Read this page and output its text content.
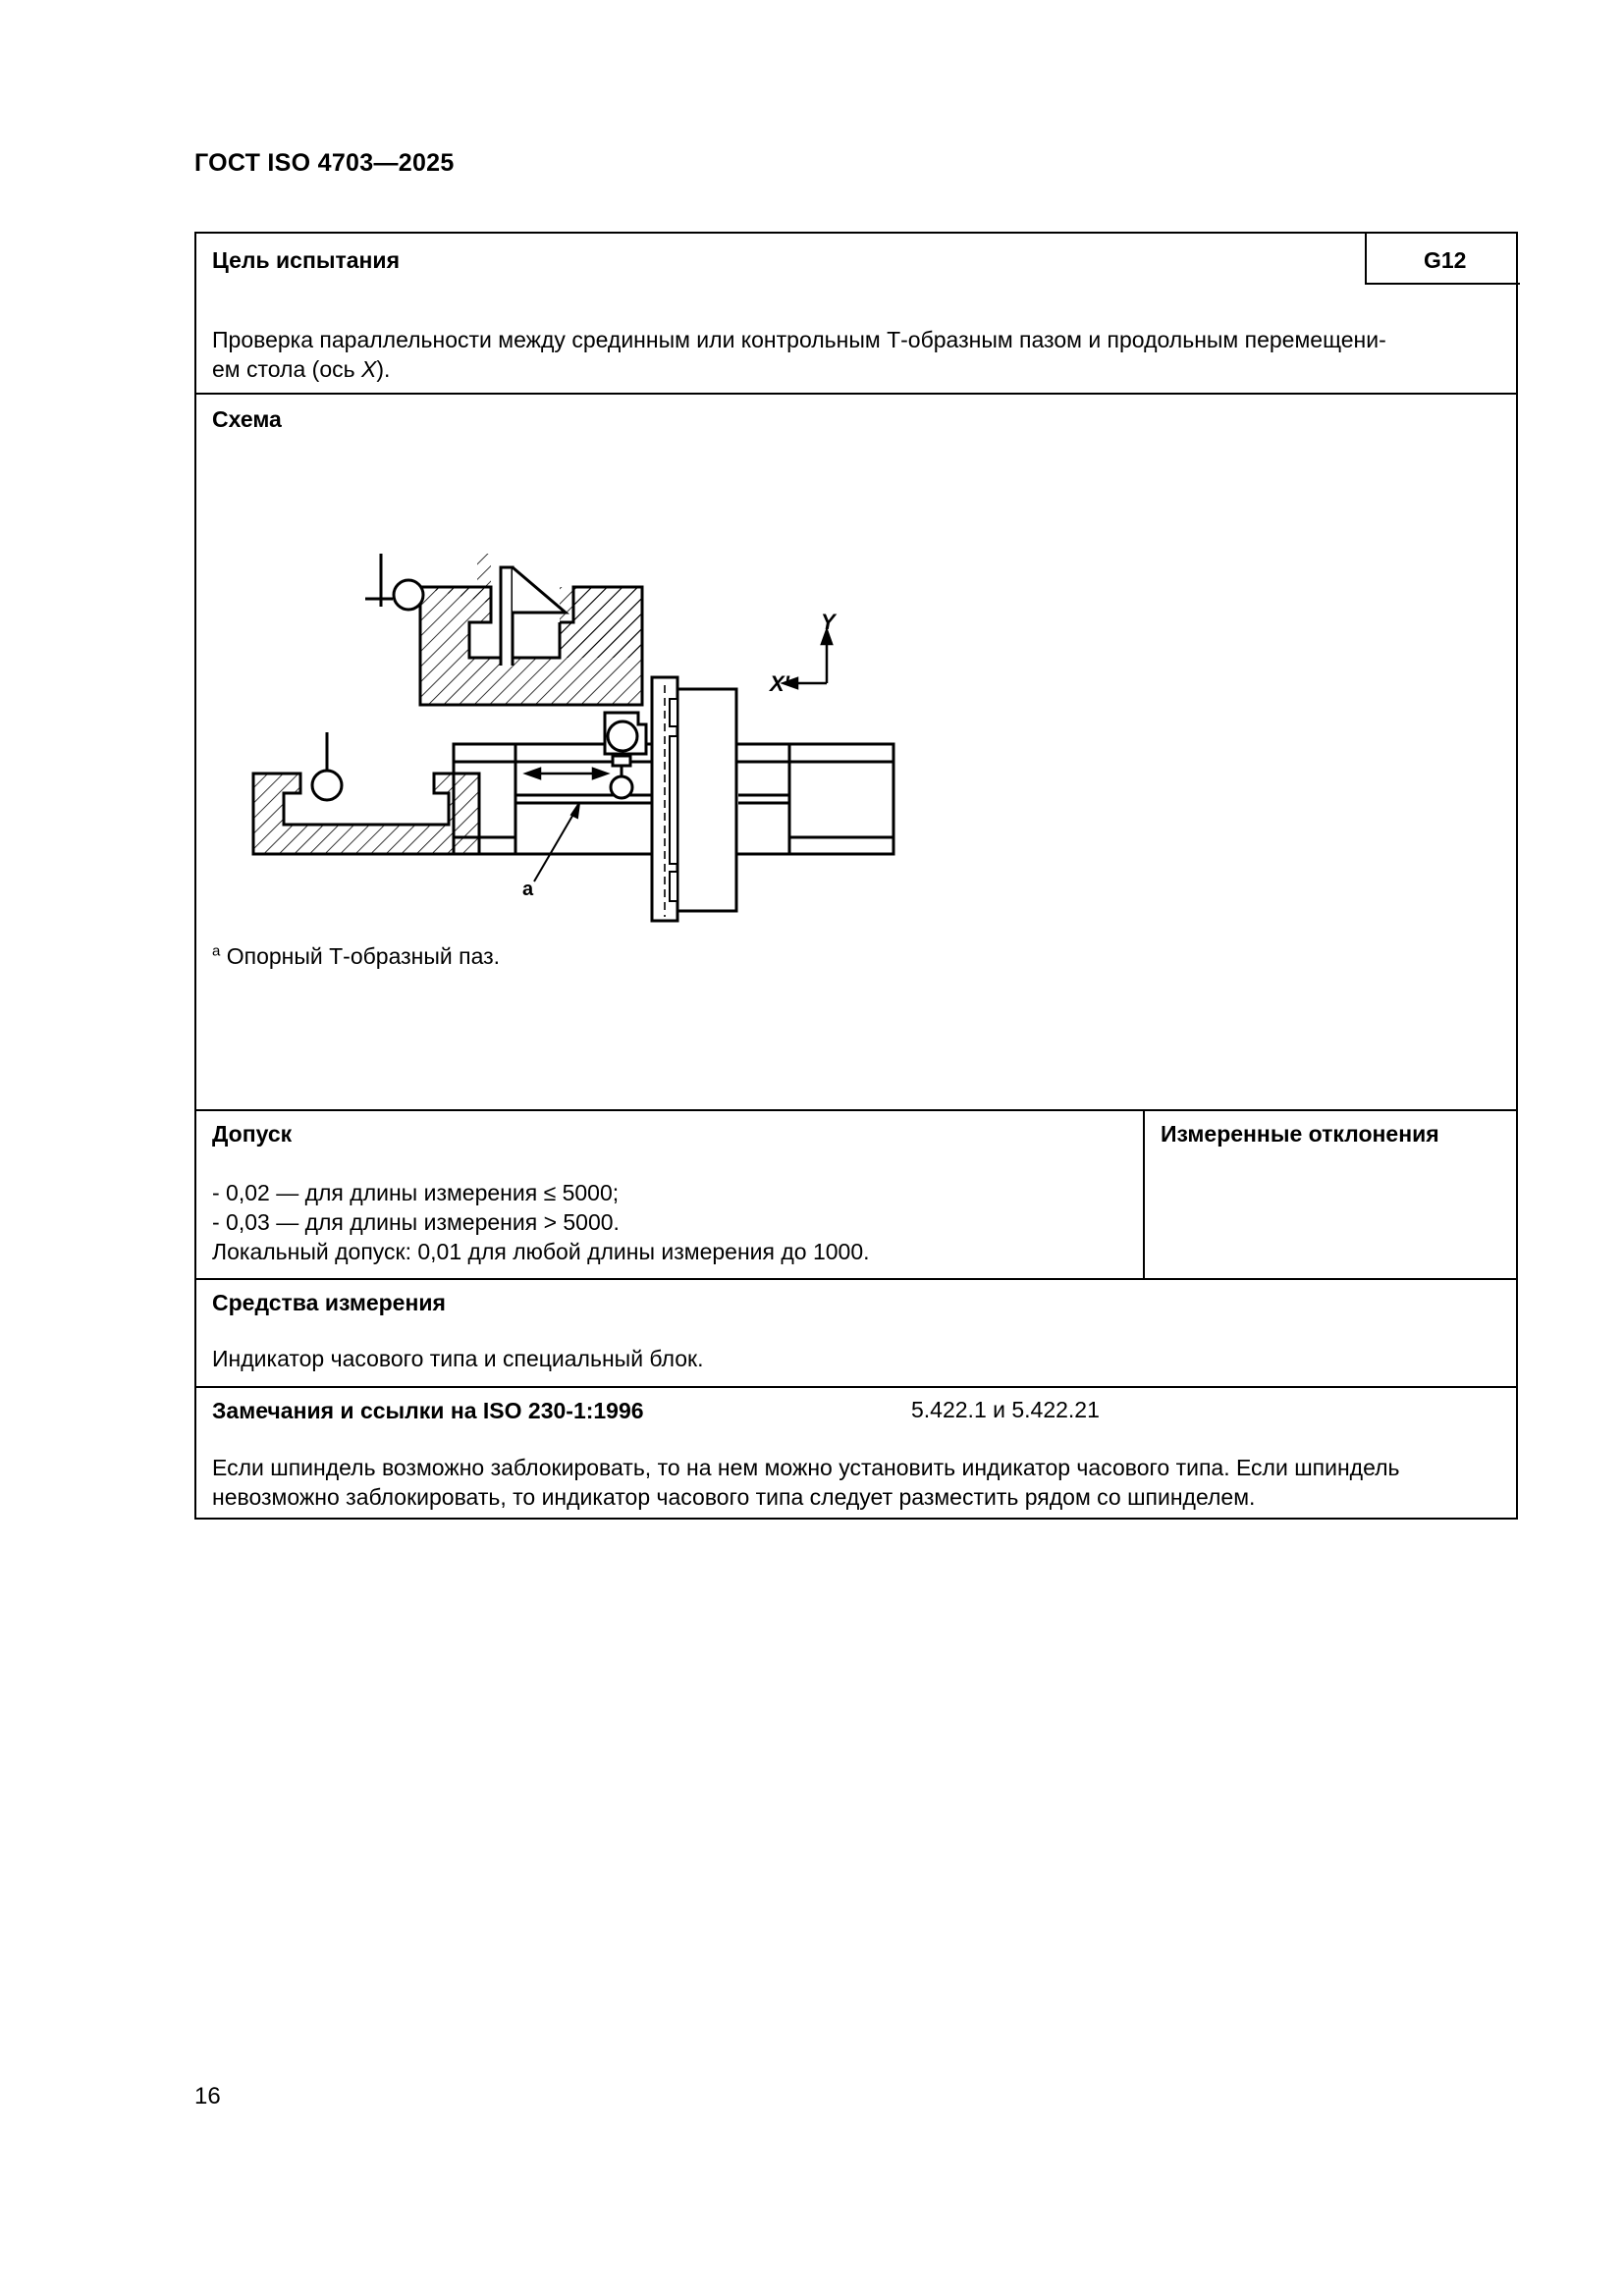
ГОСТ ISO 4703—2025
Цель испытания	G12

Проверка параллельности между срединным или контрольным Т-образным пазом и продольным перемещени-

ем стола (ось X).

Схема
Y
X'
a
$^a$ Опорный Т-образный паз.
Допуск	Измеренные отклонения

- 0,02 — для длины измерения ≤ 5000;

- 0,03 — для длины измерения > 5000.

Локальный допуск: 0,01 для любой длины измерения до 1000.

Средства измерения
Индикатор часового типа и специальный блок.
Замечания и ссылки на ISO 230-1:1996	5.422.1 и 5.422.21

Если шпиндель возможно заблокировать, то на нем можно установить индикатор часового типа. Если шпиндель

невозможно заблокировать, то индикатор часового типа следует разместить рядом со шпинделем.

16
